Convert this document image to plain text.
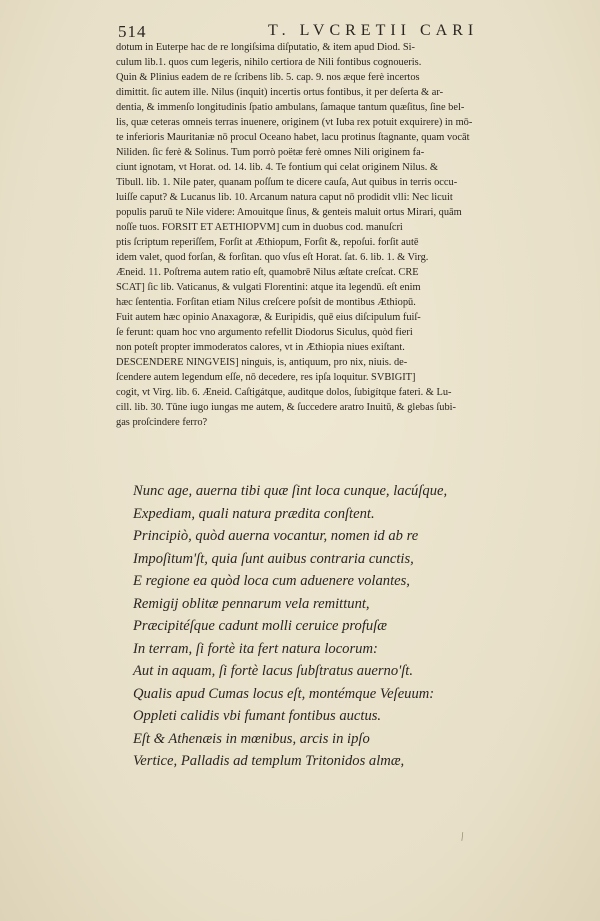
514	T. LVCRETII CARI
dotum in Euterpe hac de re longiſsima diſputatio, & item apud Diod. Si-
culum lib.1. quos cum legeris, nihilo certiora de Nili fontibus cognoueris.
Quin & Plinius eadem de re ſcribens lib. 5. cap. 9. nos æque ferè incertos
dimittit. ſic autem ille. Nilus (inquit) incertis ortus fontibus, it per deſerta & ar-
dentia, & immenſo longitudinis ſpatio ambulans, ſamaque tantum quæſitus, ſine bel-
lis, quæ ceteras omneis terras inuenere, originem (vt Iuba rex potuit exquirere) in mō-
te inferioris Mauritaniæ nō procul Oceano habet, lacu protinus ſtagnante, quam vocāt
Niliden. ſic ferè & Solinus. Tum porrò poëtæ ferè omnes Nili originem fa-
ciunt ignotam, vt Horat. od. 14. lib. 4. Te fontium qui celat originem Nilus. &
Tibull. lib. 1. Nile pater, quanam poſſum te dicere cauſa, Aut quibus in terris occu-
luiſſe caput? & Lucanus lib. 10. Arcanum natura caput nō prodidit vlli: Nec licuit
populis paruū te Nile videre: Amouitque ſinus, & genteis maluit ortus Mirari, quām
noſſe tuos. FORSIT ET AETHIOPVM] cum in duobus cod. manuſcri
ptis ſcriptum reperiſſem, Forſit at Æthiopum, Forſit &, repoſui. forſit autē
idem valet, quod forſan, & forſitan. quo vſus eſt Horat. ſat. 6. lib. 1. & Virg.
Æneid. 11. Poſtrema autem ratio eſt, quamobrē Nilus æſtate creſcat. CRE
SCAT] ſic lib. Vaticanus, & vulgati Florentini: atque ita legendū. eſt enim
hæc ſententia. Forſitan etiam Nilus creſcere poſsit de montibus Æthiopū.
Fuit autem hæc opinio Anaxagoræ, & Euripidis, quē eius diſcipulum fuiſ-
ſe ferunt: quam hoc vno argumento refellit Diodorus Siculus, quòd fieri
non poteſt propter immoderatos calores, vt in Æthiopia niues exiſtant.
DESCENDERE NINGVEIS] ninguis, is, antiquum, pro nix, niuis. de-
ſcendere autem legendum eſſe, nō decedere, res ipſa loquitur. SVBIGIT]
cogit, vt Virg. lib. 6. Æneid. Caſtigátque, auditque dolos, ſubigítque fateri. & Lu-
cill. lib. 30. Tūne iugo iungas me autem, & ſuccedere aratro Inuitū, & glebas ſubi-
gas proſcindere ferro?
Nunc age, auerna tibi quæ ſint loca cunque, lacúſque,
Expediam, quali natura prædita conſtent.
Principiò, quòd auerna vocantur, nomen id ab re
Impoſitum'ſt, quia ſunt auibus contraria cunctis,
E regione ea quòd loca cum aduenere volantes,
Remigij oblitæ pennarum vela remittunt,
Præcipitéſque cadunt molli ceruice profuſæ
In terram, ſi fortè ita fert natura locorum:
Aut in aquam, ſi fortè lacus ſubſtratus auerno'ſt.
Qualis apud Cumas locus eſt, montémque Veſeuum:
Oppleti calidis vbi fumant fontibus auctus.
Eſt & Athenæis in mœnibus, arcis in ipſo
Vertice, Palladis ad templum Tritonidos almæ,
⁄
